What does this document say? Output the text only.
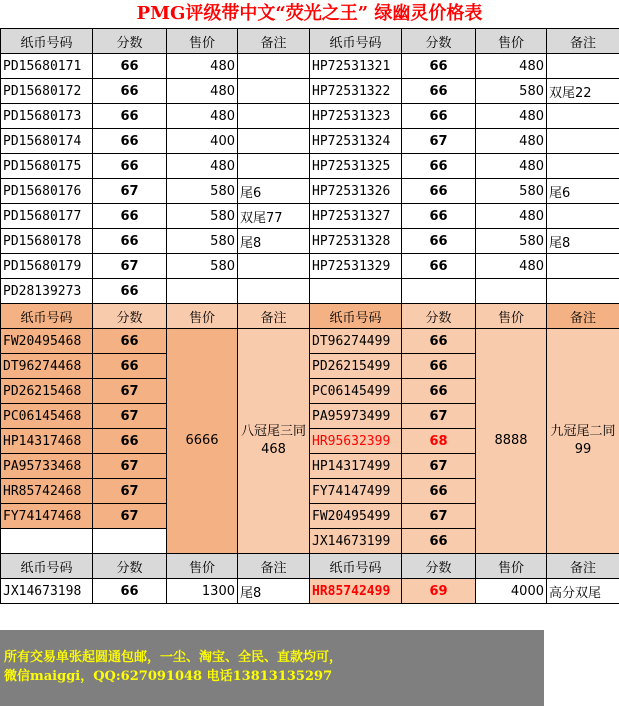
PMG评级带中文“荧光之王” 绿幽灵价格表
纸币号码	分数	售价	备注	纸币号码	分数	售价	备注
PD15680171	66	480		HP72531321	66	480	
PD15680172	66	480		HP72531322	66	580	双尾22
PD15680173	66	480		HP72531323	66	480	
PD15680174	66	400		HP72531324	67	480	
PD15680175	66	480		HP72531325	66	480	
PD15680176	67	580	尾6	HP72531326	66	580	尾6
PD15680177	66	580	双尾77	HP72531327	66	480	
PD15680178	66	580	尾8	HP72531328	66	580	尾8
PD15680179	67	580		HP72531329	66	480	
PD28139273	66						
纸币号码	分数	售价	备注	纸币号码	分数	售价	备注
FW20495468	66	6666	八冠尾三同468	DT96274499	66	8888	九冠尾二同99
DT96274468	66			PD26215499	66		
PD26215468	67			PC06145499	66		
PC06145468	67			PA95973499	67		
HP14317468	66			HR95632399	68		
PA95733468	67			HP14317499	67		
HR85742468	67			FY74147499	66		
FY74147468	67			FW20495499	67		
				JX14673199	66		
纸币号码	分数	售价	备注	纸币号码	分数	售价	备注
JX14673198	66	1300	尾8	HR85742499	69	4000	高分双尾

所有交易单张起圆通包邮，一尘、淘宝、全民、直款均可，

微信maiggi，QQ:627091048 电话13813135297
